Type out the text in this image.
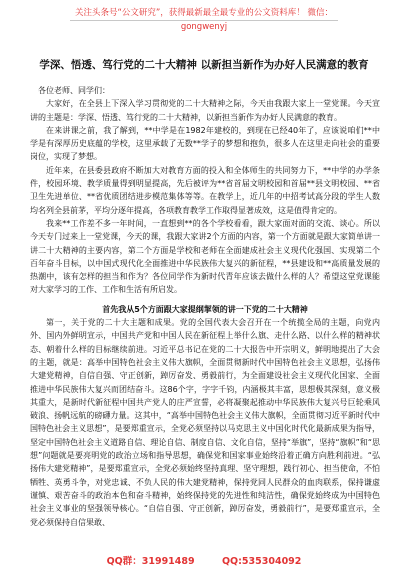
关注头条号“公文研究”，获得最新最全最专业的公文资料库！ 微信：gongwenyj
学深、悟透、笃行党的二十大精神 以新担当新作为办好人民满意的教育

各位老师、同学们：

大家好，在全县上下深入学习贯彻党的二十大精神之际，今天由我跟大家上一堂党课。今天宣讲的主题是：学深、悟透、笃行党的二十大精神，以新担当新作为办好人民满意的教育。

在来讲课之前，我了解到，**中学是在1982年建校的，到现在已经40年了，应该说咱们**中学是有深厚历史底蕴的学校，这里承载了无数**学子的梦想和抱负，很多人在这里走向社会的重要岗位，实现了梦想。

近年来，在县委县政府不断加大对教育方面的投入和全体师生的共同努力下，**中学的办学条件，校园环境、教学质量得到明显提高，先后被评为**省首届文明校园和首届**县文明校园、**省卫生先进单位、**省优质团结进步模范集体等等。在教学上，近几年的中招考试高分段的学生人数均名列全县前茅，平均分逐年提高，各项教育教学工作取得显著成效，这是值得肯定的。

我来**工作差不多一年时间，一直想到**的各个学校看看，跟大家面对面的交流、谈心。所以今天专门过来上一堂党课，今天的课，我跟大家讲2个方面的内容，第一个方面就是跟大家简单讲一讲二十大精神的主要内容，第二个方面是学校和老师在全面建成社会主义现代化强国、实现第二个百年奋斗目标，以中国式现代化全面推进中华民族伟大复兴的新征程，**县建设和**高质量发展的热潮中，该有怎样的担当和作为？各位同学作为新时代青年应该去做什么样的人？希望这堂党课能对大家学习的工作、工作和生活有所启发。

首先我从5个方面跟大家提纲挈领的讲一下党的二十大精神

第一，关于党的二十大主题和成果。党的全国代表大会召开在一个统揽全局的主题，向党内外、国内外鲜明宣示，中国共产党和中国人民在新征程上举什么旗、走什么路、以什么样的精神状态、朝着什么样的目标继续前进。习近平总书记在党的二十大报告中开宗明义，鲜明地提出了大会的主题，就是：高举中国特色社会主义伟大旗帜，全面贯彻新时代中国特色社会主义思想，弘扬伟大建党精神，自信自强、守正创新，踔厉奋发、勇毅前行，为全面建设社会主义现代化国家、全面推进中华民族伟大复兴而团结奋斗。这86个字，字字千钧，内涵极其丰富，思想极其深刻，意义极其重大，是新时代新征程中国共产党人的庄严宣誓，必将凝聚起推动中华民族伟大复兴号巨轮乘风破浪、扬帆远航的磅礴力量。这其中，“高举中国特色社会主义伟大旗帜，全面贯彻习近平新时代中国特色社会主义思想”，是要郑重宣示，全党必须坚持以马克思主义中国化时代化最新成果为指导，坚定中国特色社会主义道路自信、理论自信、制度自信、文化自信，坚持“举旗”，坚持“旗帜”和“思想”问题就是要亮明党的政治立场和指导思想，确保党和国家事业始终沿着正确方向胜利前进。“弘扬伟大建党精神”，是要郑重宣示，全党必须始终坚持真理、坚守理想，践行初心、担当使命，不怕牺牲、英勇斗争，对党忠诚、不负人民的伟大建党精神，保持党同人民群众的血肉联系，保持谦虚谨慎、艰苦奋斗的政治本色和奋斗精神，始终保持党的先进性和纯洁性，确保党始终成为中国特色社会主义事业的坚强领导核心。“自信自强、守正创新，踔厉奋发，勇毅前行”，是要郑重宣示，全党必须保持自信果敢、

QQ群：31991489	QQ:535304092
